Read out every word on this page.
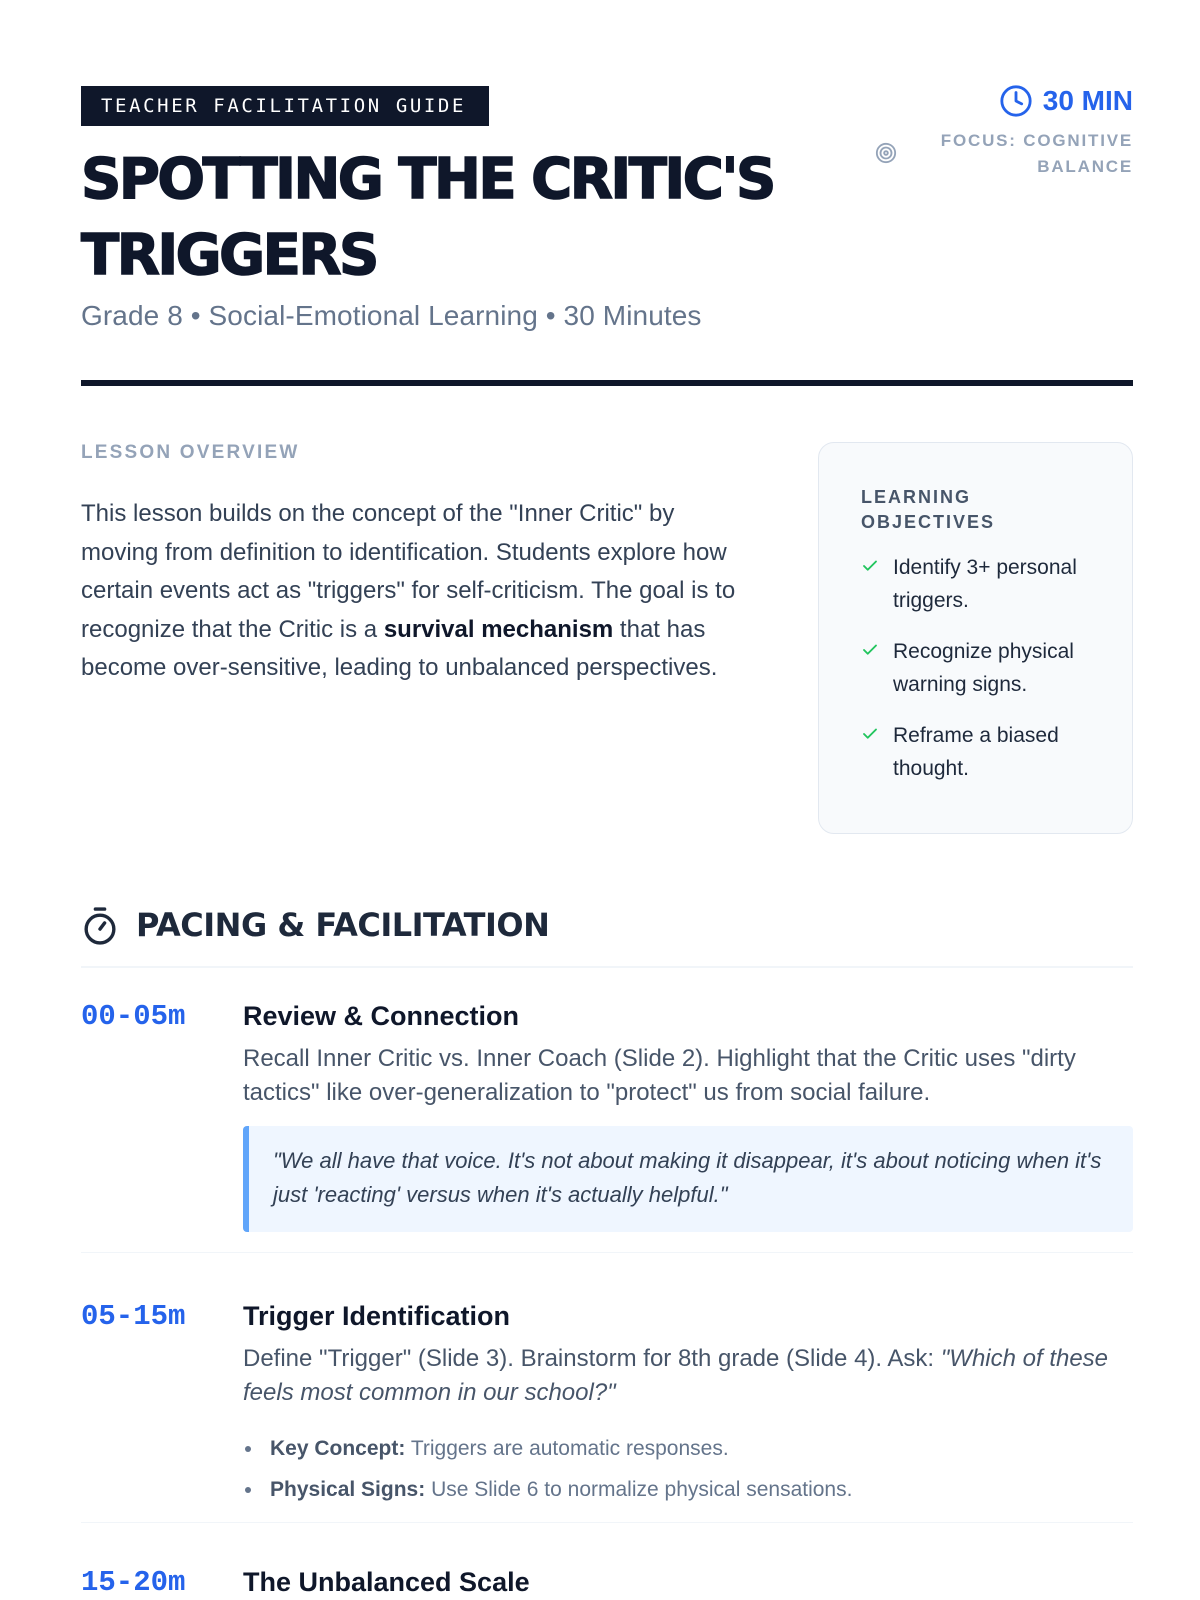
TEACHER FACILITATION GUIDE
SPOTTING THE CRITIC'S TRIGGERS
Grade 8 • Social-Emotional Learning • 30 Minutes
30 MIN
FOCUS: COGNITIVE BALANCE
LESSON OVERVIEW

This lesson builds on the concept of the "Inner Critic" by moving from definition to identification. Students explore how certain events act as "triggers" for self-criticism. The goal is to recognize that the Critic is a survival mechanism that has become over-sensitive, leading to unbalanced perspectives.

LEARNING OBJECTIVES
Identify 3+ personal triggers.
Recognize physical warning signs.
Reframe a biased thought.
PACING & FACILITATION
00-05m Review & Connection
Recall Inner Critic vs. Inner Coach (Slide 2). Highlight that the Critic uses "dirty tactics" like over-generalization to "protect" us from social failure.
"We all have that voice. It's not about making it disappear, it's about noticing when it's just 'reacting' versus when it's actually helpful."
05-15m Trigger Identification
Define "Trigger" (Slide 3). Brainstorm for 8th grade (Slide 4). Ask: "Which of these feels most common in our school?"
Key Concept: Triggers are automatic responses.
Physical Signs: Use Slide 6 to normalize physical sensations.
15-20m The Unbalanced Scale
